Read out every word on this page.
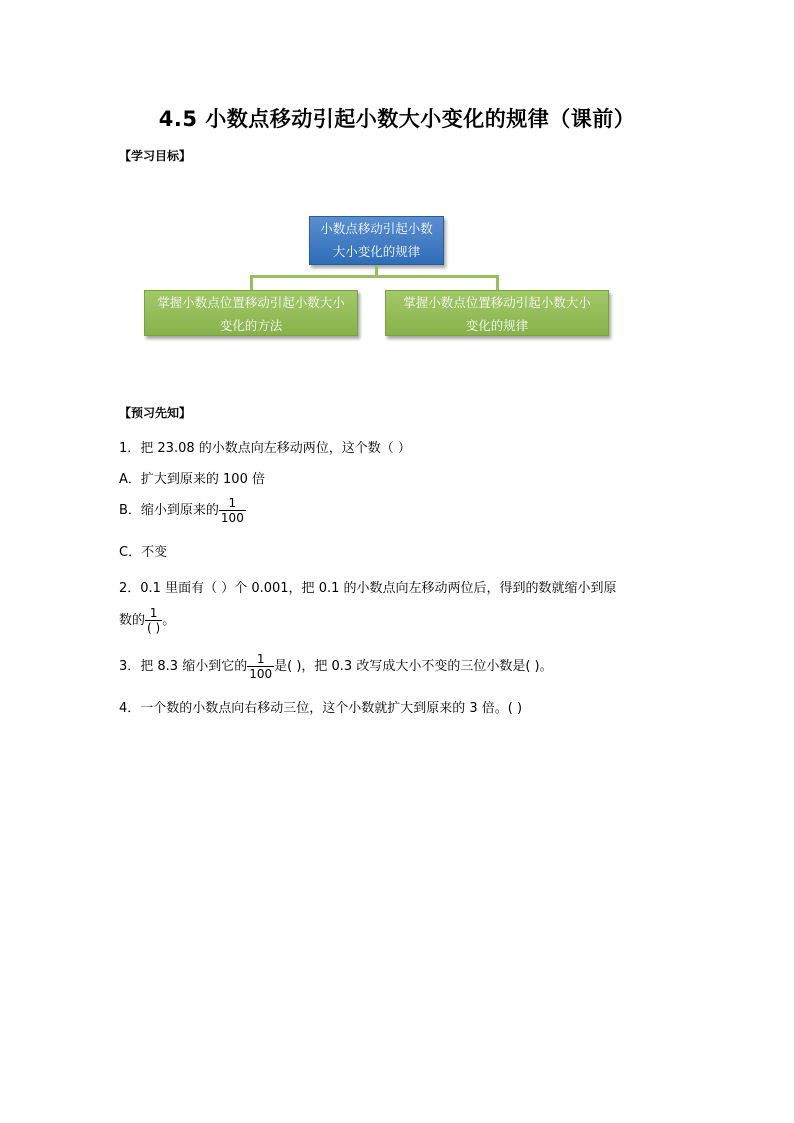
4.5 小数点移动引起小数大小变化的规律（课前）
【学习目标】
小数点移动引起小数
大小变化的规律
掌握小数点位置移动引起小数大小
变化的方法
掌握小数点位置移动引起小数大小
变化的规律
【预习先知】
1．把 23.08 的小数点向左移动两位，这个数（ ）
A．扩大到原来的 100 倍
B．缩小到原来的 $\frac{1}{100}$
C．不变
2．0.1 里面有（ ）个 0.001，把 0.1 的小数点向左移动两位后，得到的数就缩小到原
数的 $\frac{1}{( )}$ 。
3．把 8.3 缩小到它的 $\frac{1}{100}$ 是( )，把 0.3 改写成大小不变的三位小数是( )。
4．一个数的小数点向右移动三位，这个小数就扩大到原来的 3 倍。( )
